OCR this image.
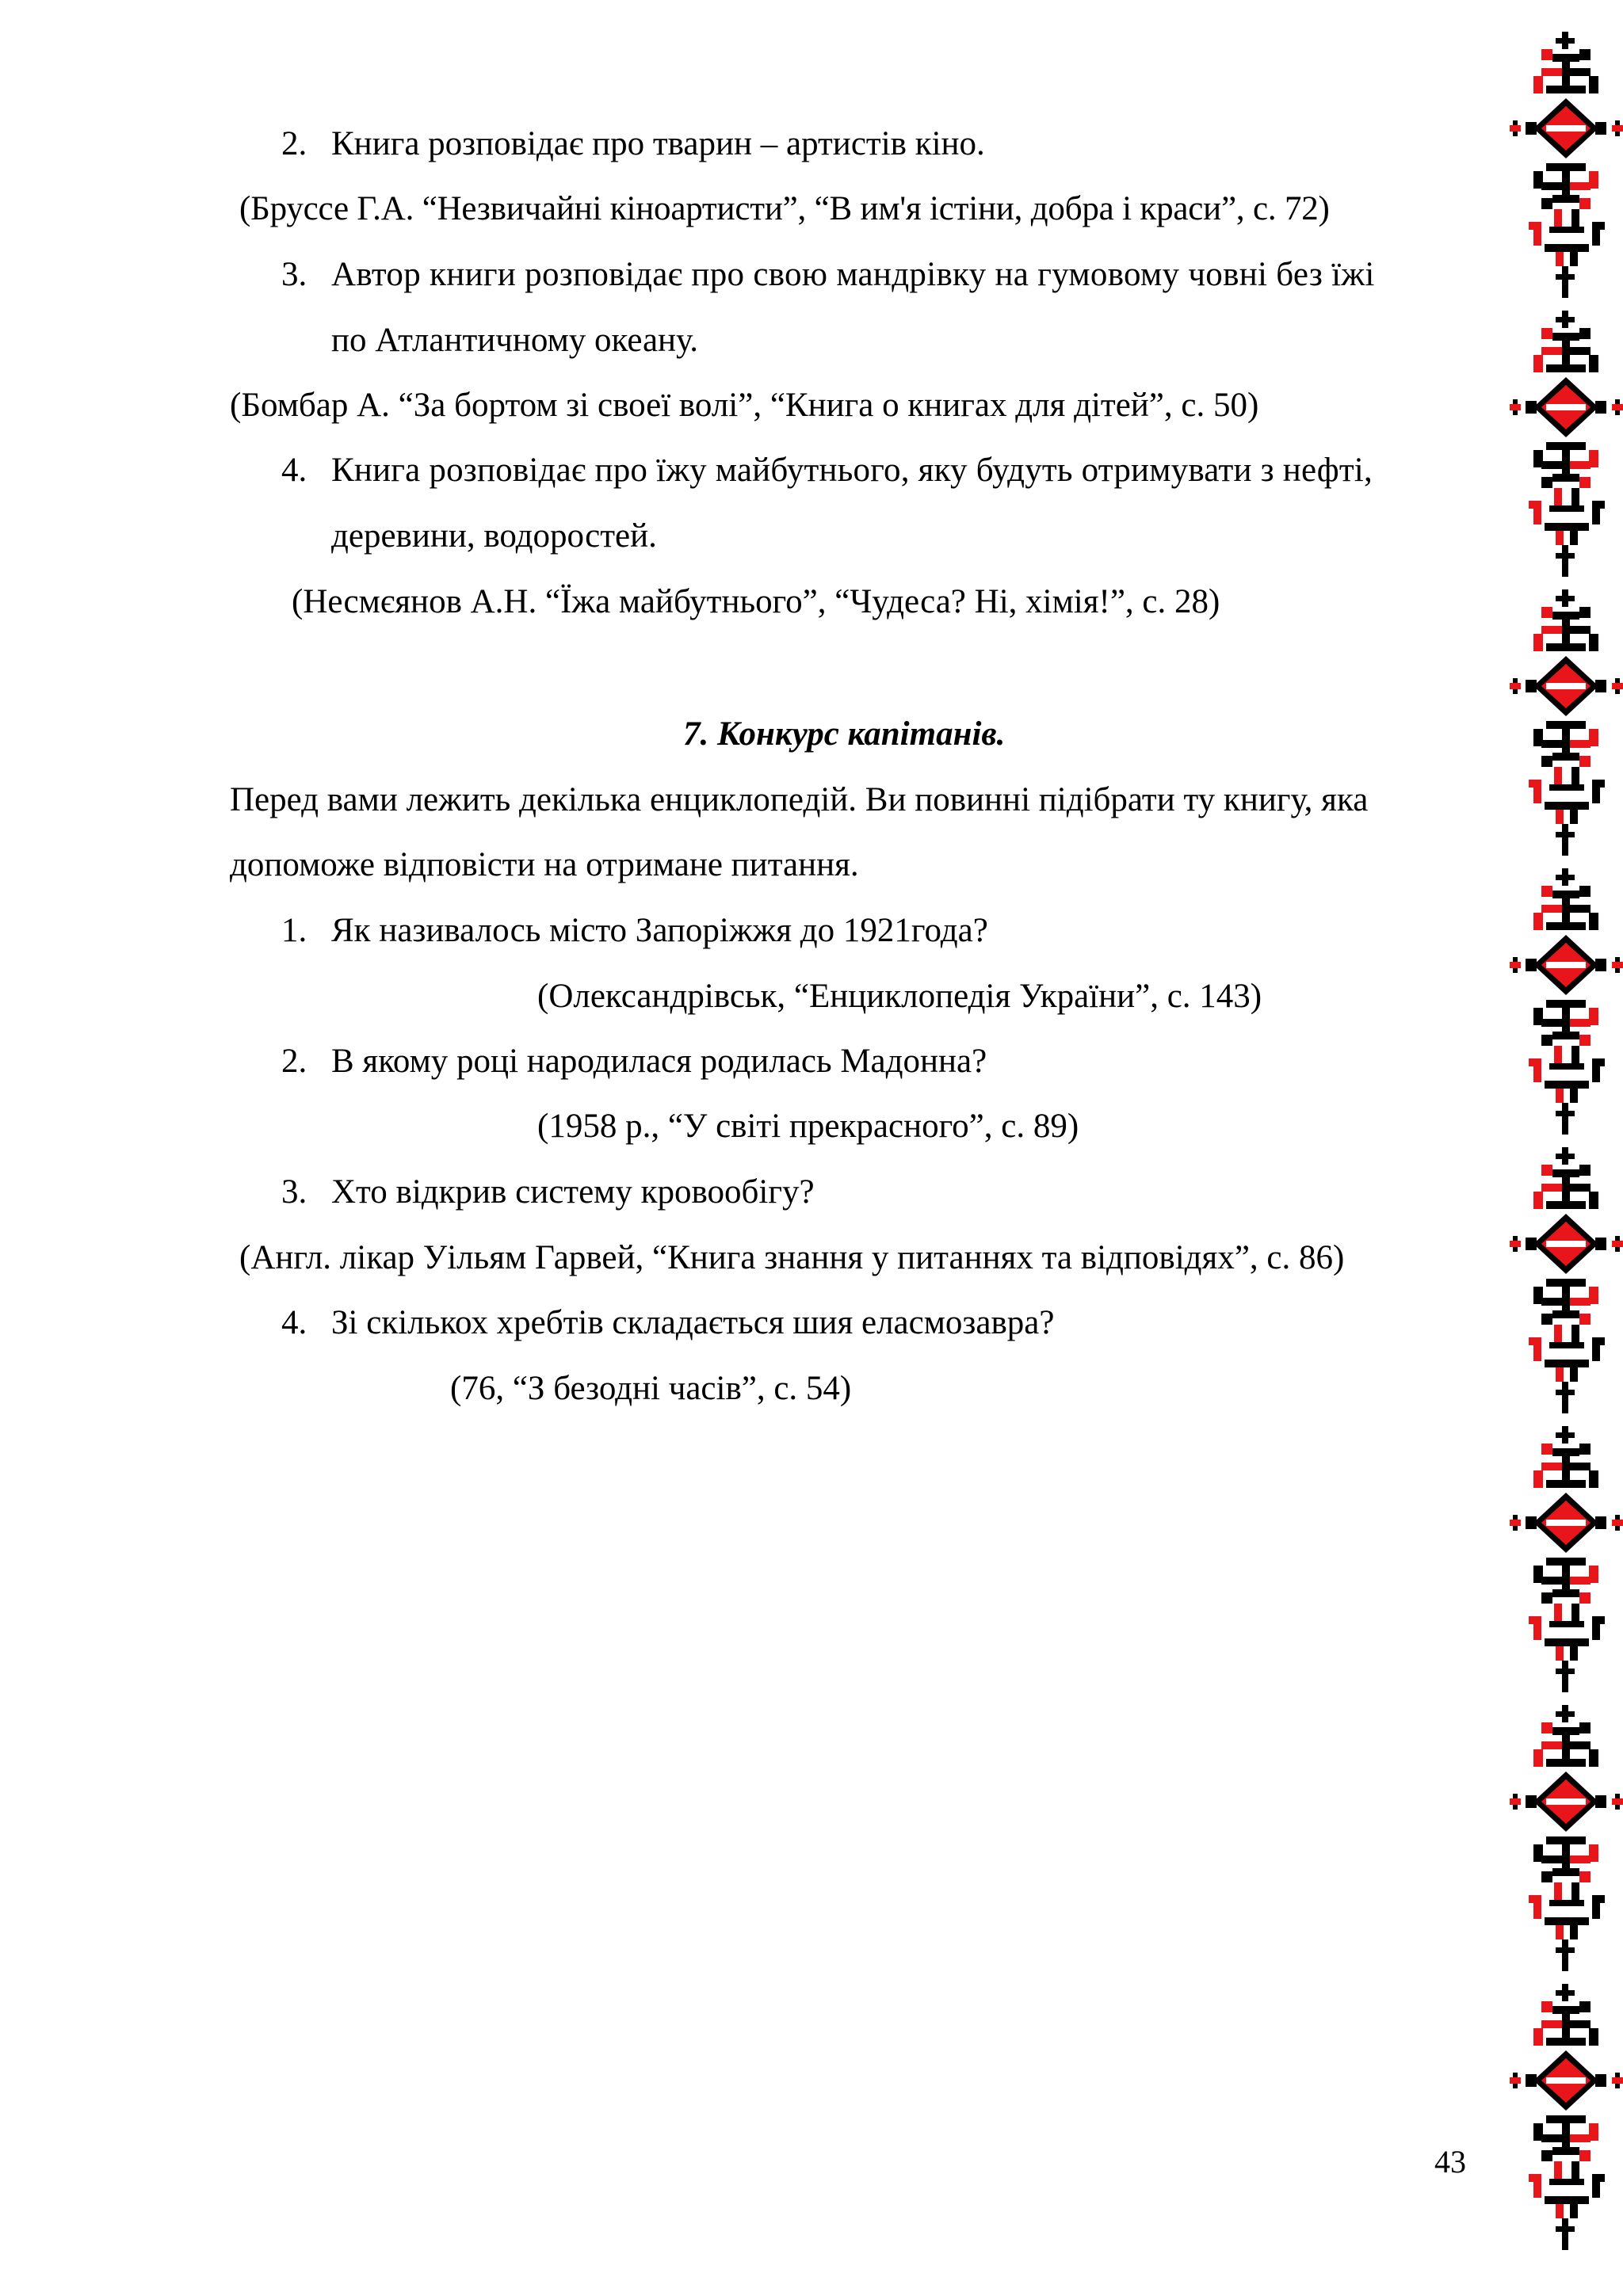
2. Книга розповідає про тварин – артистів кіно.
(Бруссе Г.А. “Незвичайні кіноартисти”, “В им'я істіни, добра і краси”, с. 72)
3. Автор книги розповідає про свою мандрівку на гумовому човні без їжі
по Атлантичному океану.
(Бомбар А. “За бортом зі своеї волі”, “Книга о книгах для дітей”, с. 50)
4. Книга розповідає про їжу майбутнього, яку будуть отримувати з нефті,
деревини, водоростей.
(Несмєянов А.Н. “Їжа майбутнього”, “Чудеса? Ні, хімія!”, с. 28)
7. Конкурс капітанів.
Перед вами лежить декілька енциклопедій. Ви повинні підібрати ту книгу, яка
допоможе відповісти на отримане питання.
1. Як називалось місто Запоріжжя до 1921года?
(Олександрівськ, “Енциклопедія України”, с. 143)
2. В якому році народилася родилась Мадонна?
(1958 р., “У світі прекрасного”, с. 89)
3. Хто відкрив систему кровообігу?
(Англ. лікар Уільям Гарвей, “Книга знання у питаннях та відповідях”, с. 86)
4. Зі скількох хребтів складається шия еласмозавра?
(76, “З безодні часів”, с. 54)
43
